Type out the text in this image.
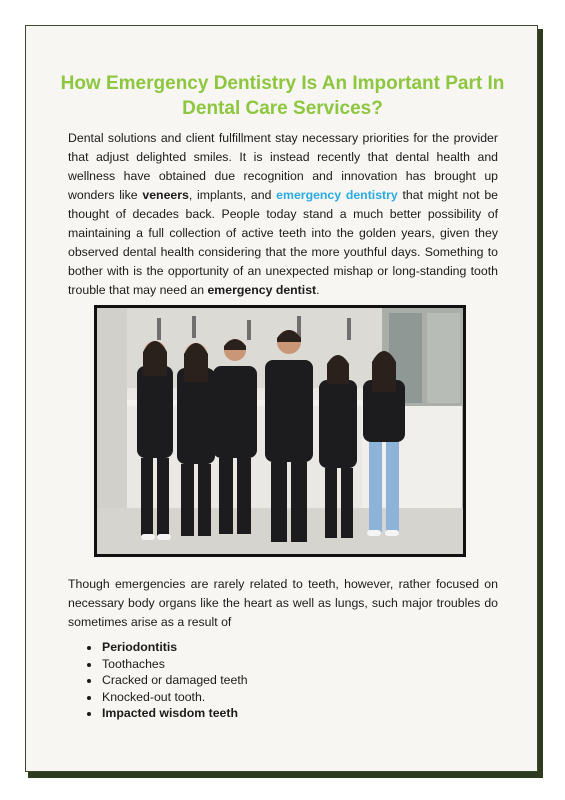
How Emergency Dentistry Is An Important Part In Dental Care Services?
Dental solutions and client fulfillment stay necessary priorities for the provider that adjust delighted smiles. It is instead recently that dental health and wellness have obtained due recognition and innovation has brought up wonders like veneers, implants, and emergency dentistry that might not be thought of decades back. People today stand a much better possibility of maintaining a full collection of active teeth into the golden years, given they observed dental health considering that the more youthful days. Something to bother with is the opportunity of an unexpected mishap or long-standing tooth trouble that may need an emergency dentist.
Though emergencies are rarely related to teeth, however, rather focused on necessary body organs like the heart as well as lungs, such major troubles do sometimes arise as a result of
Periodontitis
Toothaches
Cracked or damaged teeth
Knocked-out tooth.
Impacted wisdom teeth
